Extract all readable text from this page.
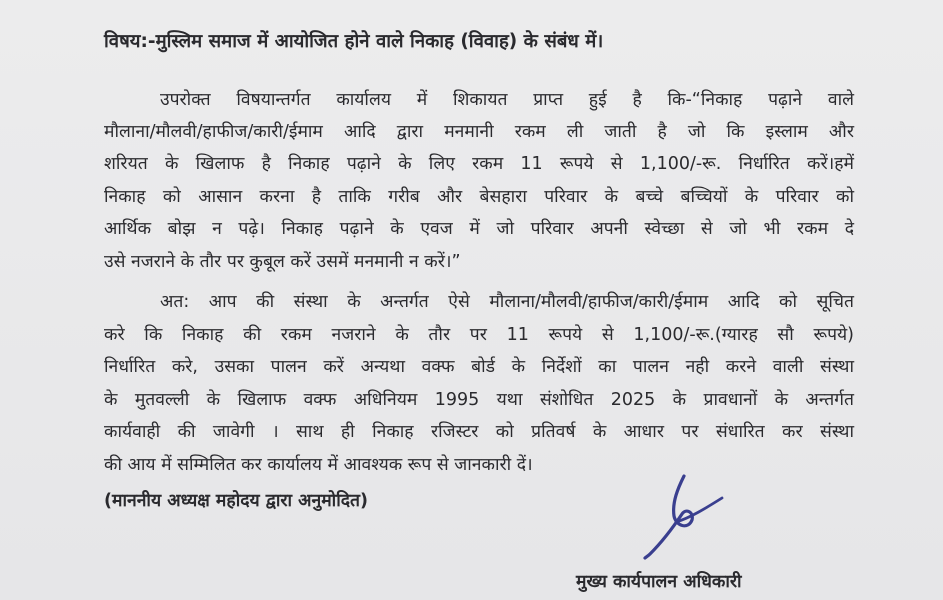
विषय:-मुस्लिम समाज में आयोजित होने वाले निकाह (विवाह) के संबंध में।
उपरोक्त विषयान्तर्गत कार्यालय में शिकायत प्राप्त हुई है कि-“निकाह पढ़ाने वाले
मौलाना/मौलवी/हाफीज/कारी/ईमाम आदि द्वारा मनमानी रकम ली जाती है जो कि इस्लाम और
शरियत के खिलाफ है निकाह पढ़ाने के लिए रकम 11 रूपये से 1,100/-रू. निर्धारित करें।हमें
निकाह को आसान करना है ताकि गरीब और बेसहारा परिवार के बच्चे बच्चियों के परिवार को
आर्थिक बोझ न पढ़े। निकाह पढ़ाने के एवज में जो परिवार अपनी स्वेच्छा से जो भी रकम दे
उसे नजराने के तौर पर कुबूल करें उसमें मनमानी न करें।”
अत: आप की संस्था के अन्तर्गत ऐसे मौलाना/मौलवी/हाफीज/कारी/ईमाम आदि को सूचित
करे कि निकाह की रकम नजराने के तौर पर 11 रूपये से 1,100/-रू.(ग्यारह सौ रूपये)
निर्धारित करे, उसका पालन करें अन्यथा वक्फ बोर्ड के निर्देशों का पालन नही करने वाली संस्था
के मुतवल्ली के खिलाफ वक्फ अधिनियम 1995 यथा संशोधित 2025 के प्रावधानों के अन्तर्गत
कार्यवाही की जावेगी । साथ ही निकाह रजिस्टर को प्रतिवर्ष के आधार पर संधारित कर संस्था
की आय में सम्मिलित कर कार्यालय में आवश्यक रूप से जानकारी दें।
(माननीय अध्यक्ष महोदय द्वारा अनुमोदित)
मुख्य कार्यपालन अधिकारी
